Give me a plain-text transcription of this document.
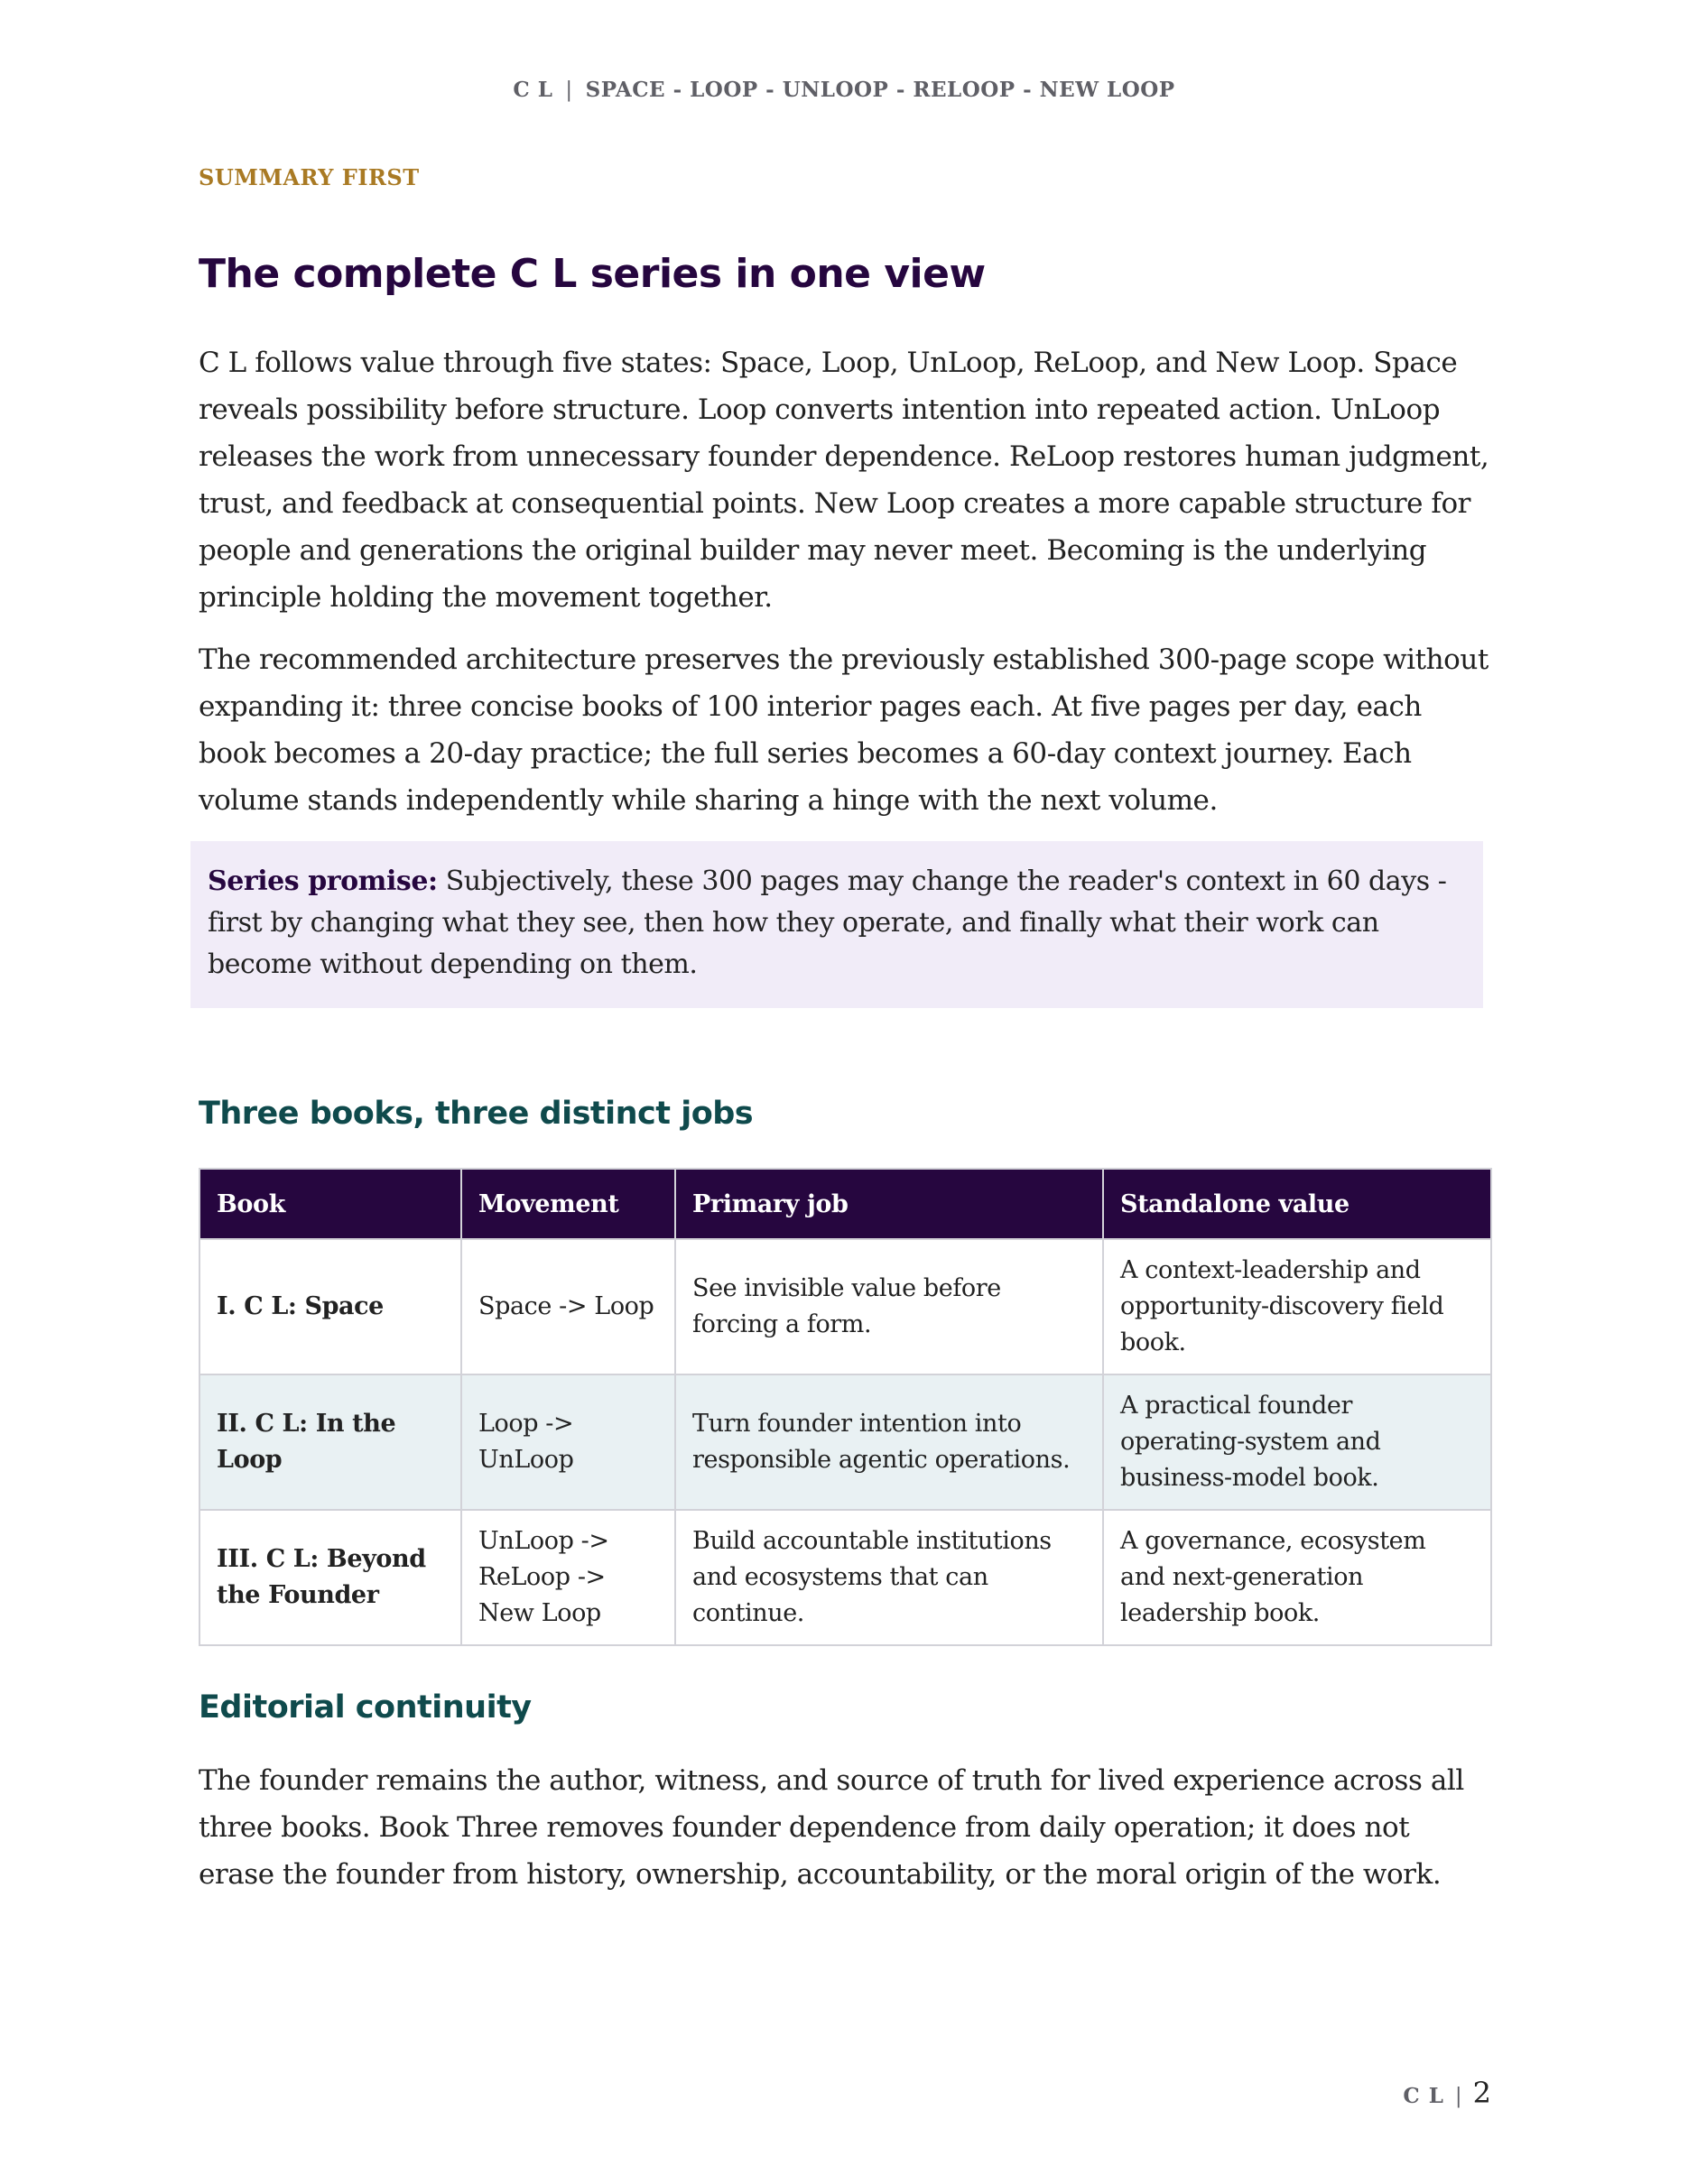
C L | SPACE - LOOP - UNLOOP - RELOOP - NEW LOOP
SUMMARY FIRST
The complete C L series in one view

C L follows value through five states: Space, Loop, UnLoop, ReLoop, and New Loop. Space reveals possibility before structure. Loop converts intention into repeated action. UnLoop releases the work from unnecessary founder dependence. ReLoop restores human judgment, trust, and feedback at consequential points. New Loop creates a more capable structure for people and generations the original builder may never meet. Becoming is the underlying principle holding the movement together.

The recommended architecture preserves the previously established 300-page scope without expanding it: three concise books of 100 interior pages each. At five pages per day, each book becomes a 20-day practice; the full series becomes a 60-day context journey. Each volume stands independently while sharing a hinge with the next volume.

Series promise: Subjectively, these 300 pages may change the reader's context in 60 days - first by changing what they see, then how they operate, and finally what their work can become without depending on them.
Three books, three distinct jobs
Book	Movement	Primary job	Standalone value
I. C L: Space	Space -> Loop	See invisible value before forcing a form.	A context-leadership and opportunity-discovery field book.
II. C L: In the Loop	Loop -> UnLoop	Turn founder intention into responsible agentic operations.	A practical founder operating-system and business-model book.
III. C L: Beyond the Founder	UnLoop -> ReLoop -> New Loop	Build accountable institutions and ecosystems that can continue.	A governance, ecosystem and next-generation leadership book.
Editorial continuity

The founder remains the author, witness, and source of truth for lived experience across all three books. Book Three removes founder dependence from daily operation; it does not erase the founder from history, ownership, accountability, or the moral origin of the work.

C L | 2
